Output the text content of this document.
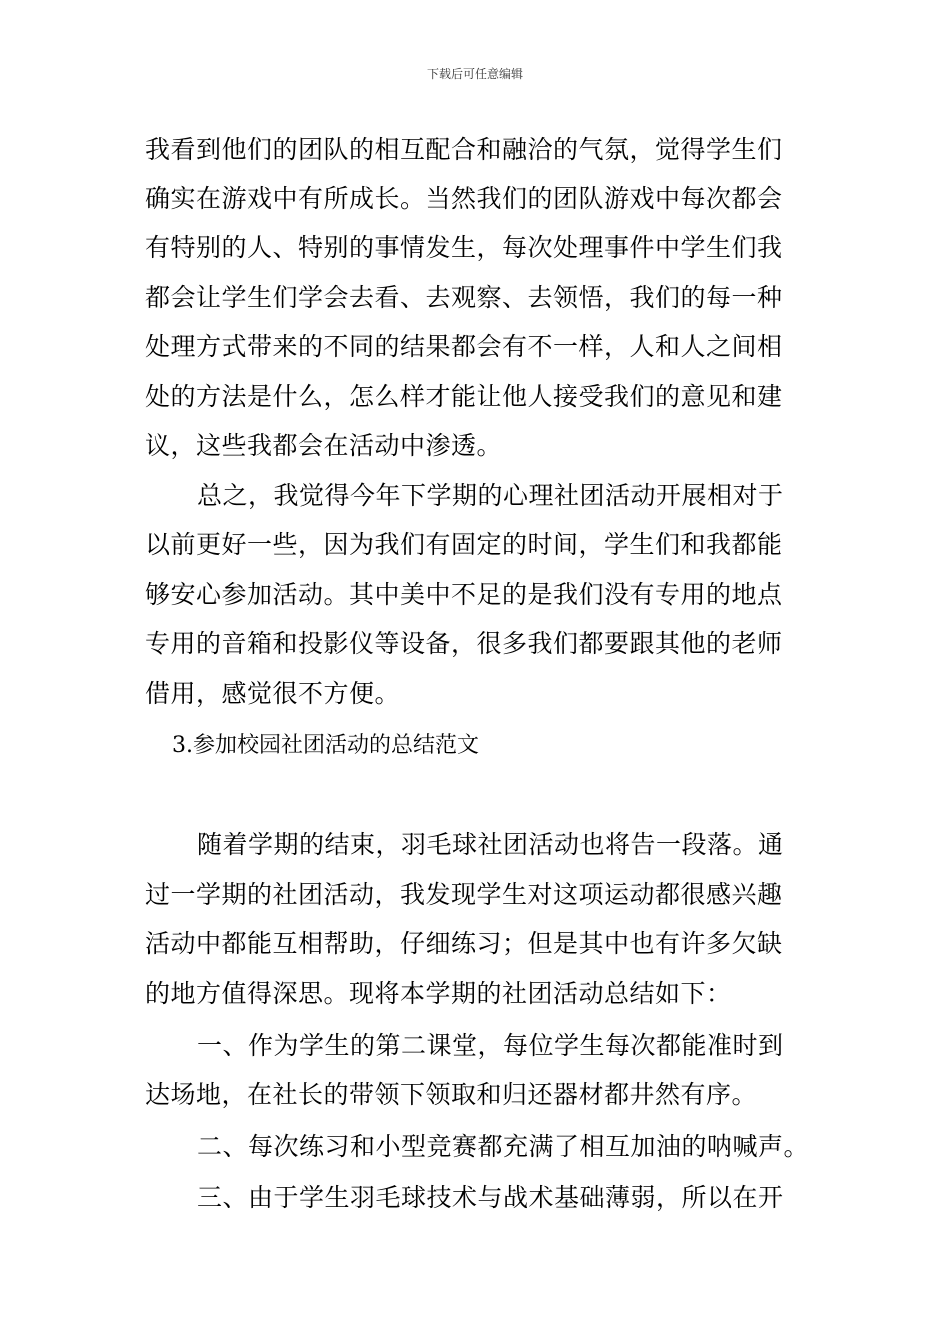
下载后可任意编辑
我看到他们的团队的相互配合和融洽的气氛，觉得学生们
确实在游戏中有所成长。当然我们的团队游戏中每次都会
有特别的人、特别的事情发生，每次处理事件中学生们我
都会让学生们学会去看、去观察、去领悟，我们的每一种
处理方式带来的不同的结果都会有不一样，人和人之间相
处的方法是什么，怎么样才能让他人接受我们的意见和建
议，这些我都会在活动中渗透。
总之，我觉得今年下学期的心理社团活动开展相对于
以前更好一些，因为我们有固定的时间，学生们和我都能
够安心参加活动。其中美中不足的是我们没有专用的地点
专用的音箱和投影仪等设备，很多我们都要跟其他的老师
借用，感觉很不方便。
3.参加校园社团活动的总结范文
随着学期的结束，羽毛球社团活动也将告一段落。通
过一学期的社团活动，我发现学生对这项运动都很感兴趣
活动中都能互相帮助，仔细练习；但是其中也有许多欠缺
的地方值得深思。现将本学期的社团活动总结如下：
一、作为学生的第二课堂，每位学生每次都能准时到
达场地，在社长的带领下领取和归还器材都井然有序。
二、每次练习和小型竞赛都充满了相互加油的呐喊声。
三、由于学生羽毛球技术与战术基础薄弱，所以在开
